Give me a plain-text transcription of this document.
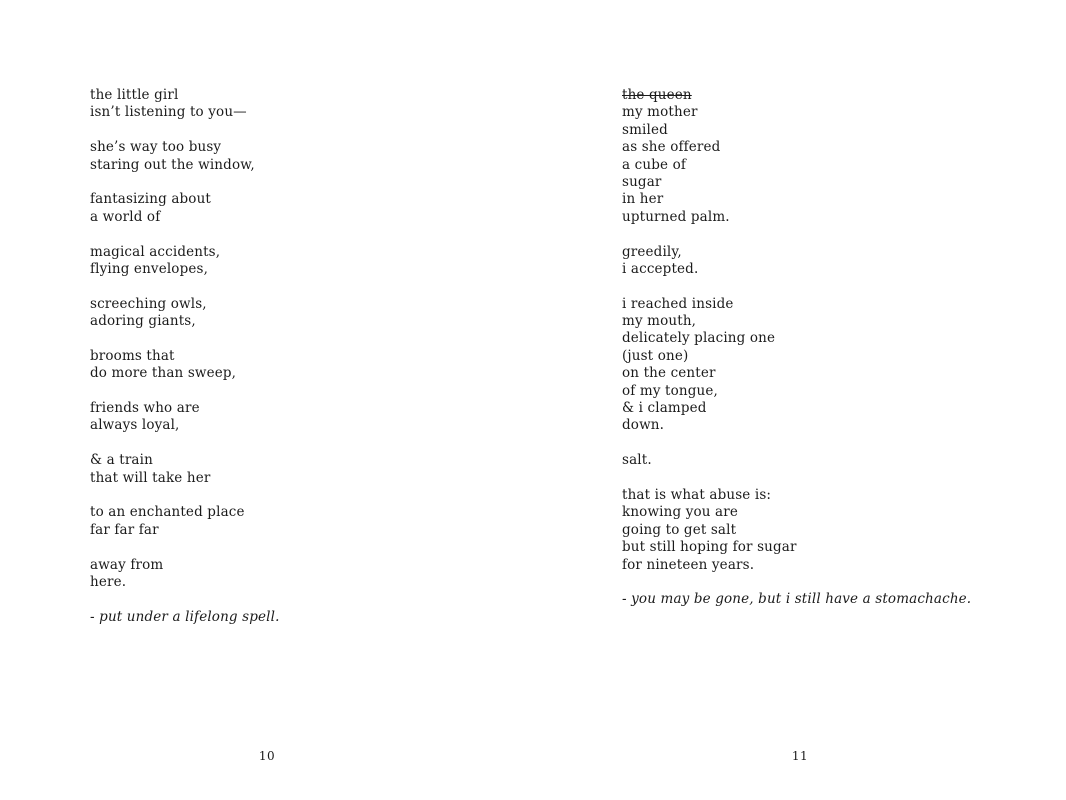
the little girl
isn’t listening to you—
she’s way too busy
staring out the window,
fantasizing about
a world of
magical accidents,
flying envelopes,
screeching owls,
adoring giants,
brooms that
do more than sweep,
friends who are
always loyal,
& a train
that will take her
to an enchanted place
far far far
away from
here.
- put under a lifelong spell.
10
the queen
my mother
smiled
as she offered
a cube of
sugar
in her
upturned palm.
greedily,
i accepted.
i reached inside
my mouth,
delicately placing one
(just one)
on the center
of my tongue,
& i clamped
down.
salt.
that is what abuse is:
knowing you are
going to get salt
but still hoping for sugar
for nineteen years.
- you may be gone, but i still have a stomachache.
11
